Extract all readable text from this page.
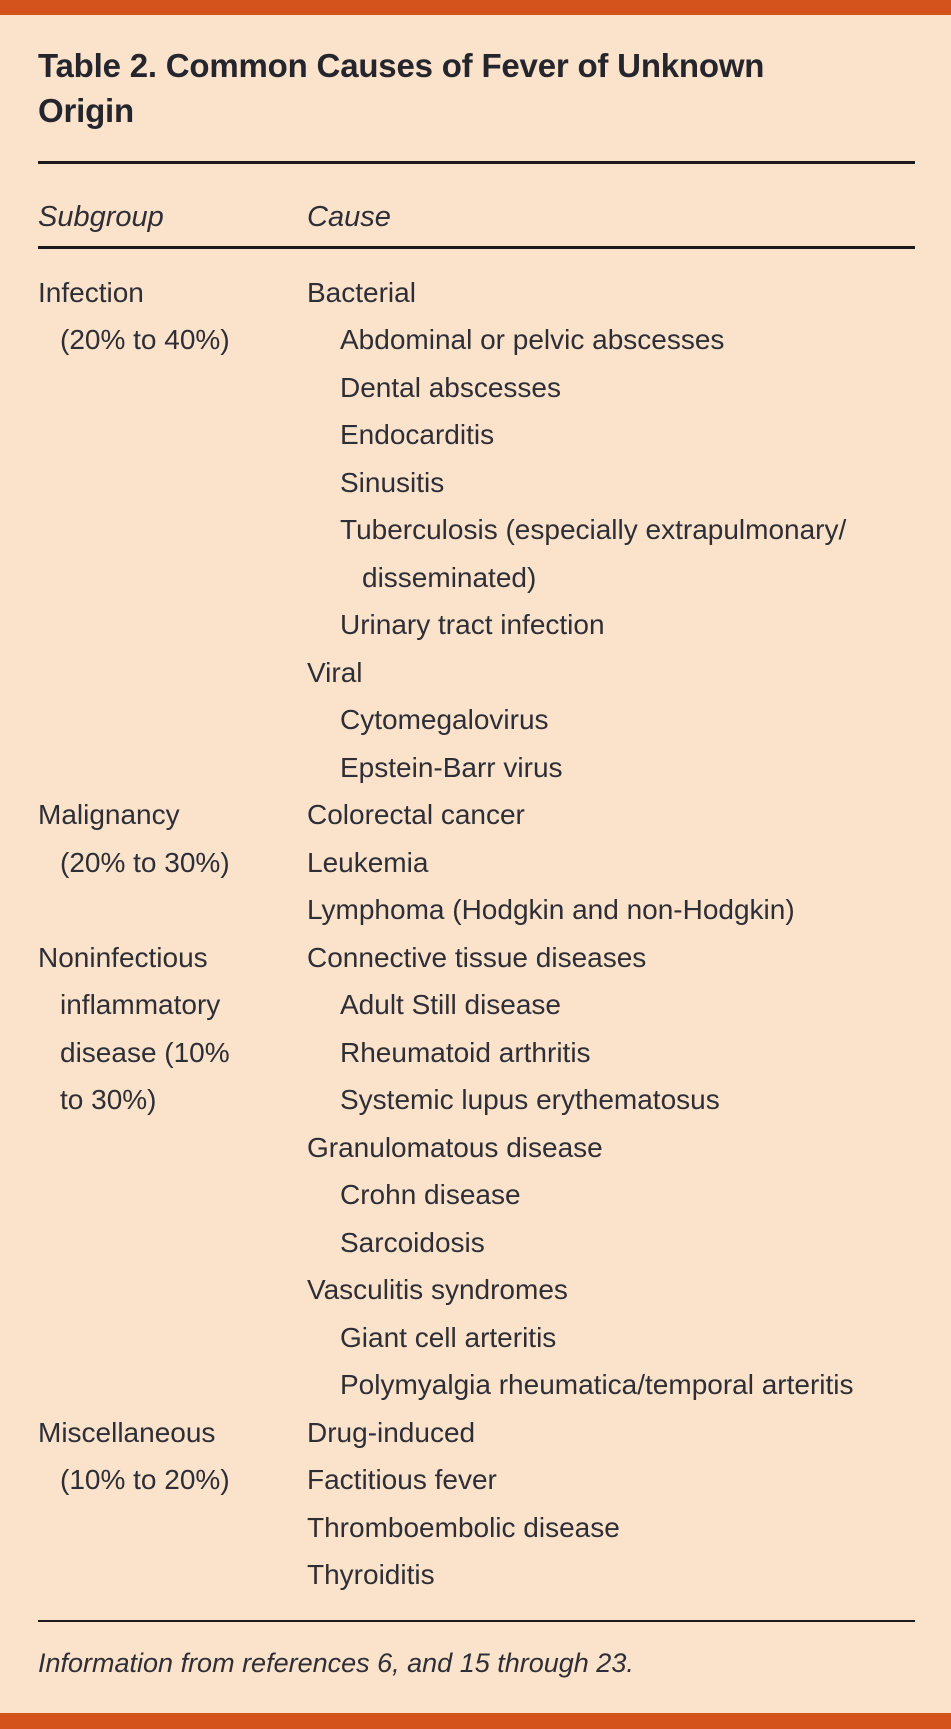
Table 2. Common Causes of Fever of Unknown
Origin
Subgroup	Cause
Infection
(20% to 40%)
Bacterial
Abdominal or pelvic abscesses
Dental abscesses
Endocarditis
Sinusitis
Tuberculosis (especially extrapulmonary/
disseminated)
Urinary tract infection
Viral
Cytomegalovirus
Epstein-Barr virus
Malignancy
(20% to 30%)
Colorectal cancer
Leukemia
Lymphoma (Hodgkin and non-Hodgkin)
Noninfectious
inflammatory
disease (10%
to 30%)
Connective tissue diseases
Adult Still disease
Rheumatoid arthritis
Systemic lupus erythematosus
Granulomatous disease
Crohn disease
Sarcoidosis
Vasculitis syndromes
Giant cell arteritis
Polymyalgia rheumatica/temporal arteritis
Miscellaneous
(10% to 20%)
Drug-induced
Factitious fever
Thromboembolic disease
Thyroiditis

Information from references 6, and 15 through 23.
